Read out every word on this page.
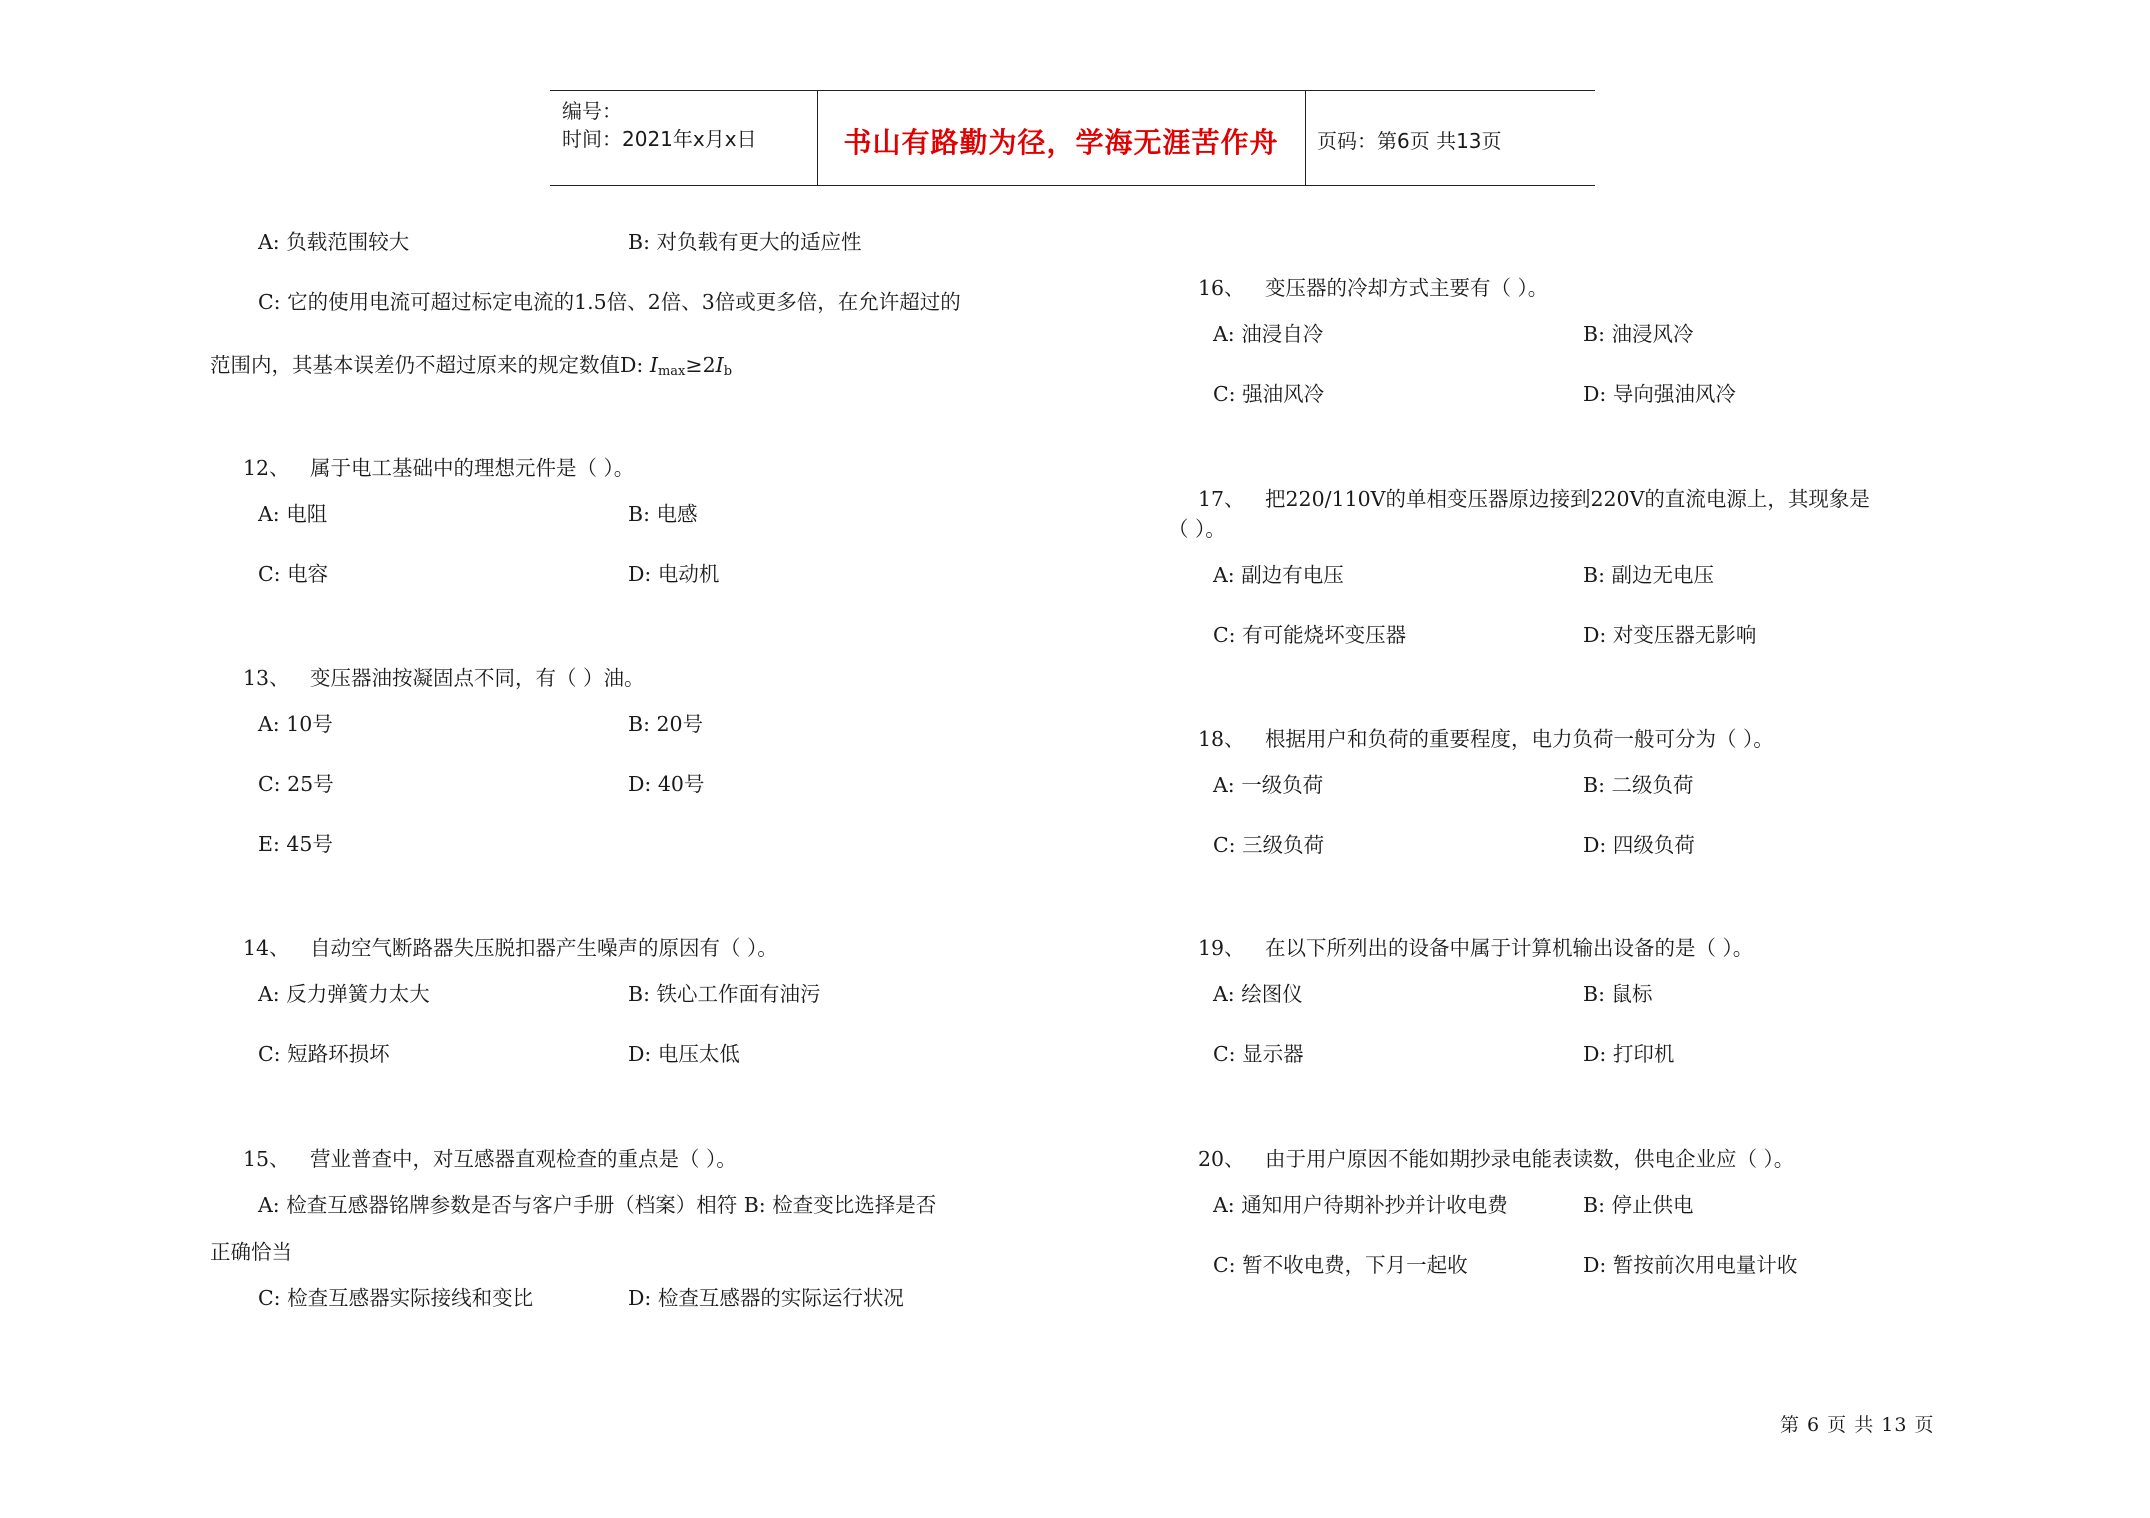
编号：
时间：2021年x月x日	书山有路勤为径，学海无涯苦作舟	页码：第6页 共13页
A: 负载范围较大	B: 对负载有更大的适应性
C: 它的使用电流可超过标定电流的1.5倍、2倍、3倍或更多倍，在允许超过的
范围内，其基本误差仍不超过原来的规定数值D: $I_{max}\ge 2I_b$
12、 属于电工基础中的理想元件是（ ）。
A: 电阻	B: 电感
C: 电容	D: 电动机
13、 变压器油按凝固点不同，有（ ）油。
A: 10号	B: 20号
C: 25号	D: 40号
E: 45号
14、 自动空气断路器失压脱扣器产生噪声的原因有（ ）。
A: 反力弹簧力太大	B: 铁心工作面有油污
C: 短路环损坏	D: 电压太低
15、 营业普查中，对互感器直观检查的重点是（ ）。
A: 检查互感器铭牌参数是否与客户手册（档案）相符 B: 检查变比选择是否
正确恰当
C: 检查互感器实际接线和变比	D: 检查互感器的实际运行状况
16、 变压器的冷却方式主要有（ ）。
A: 油浸自冷	B: 油浸风冷
C: 强油风冷	D: 导向强油风冷
17、 把220/110V的单相变压器原边接到220V的直流电源上，其现象是
（ ）。
A: 副边有电压	B: 副边无电压
C: 有可能烧坏变压器	D: 对变压器无影响
18、 根据用户和负荷的重要程度，电力负荷一般可分为（ ）。
A: 一级负荷	B: 二级负荷
C: 三级负荷	D: 四级负荷
19、 在以下所列出的设备中属于计算机输出设备的是（ ）。
A: 绘图仪	B: 鼠标
C: 显示器	D: 打印机
20、 由于用户原因不能如期抄录电能表读数，供电企业应（ ）。
A: 通知用户待期补抄并计收电费	B: 停止供电
C: 暂不收电费，下月一起收	D: 暂按前次用电量计收
第 6 页 共 13 页
